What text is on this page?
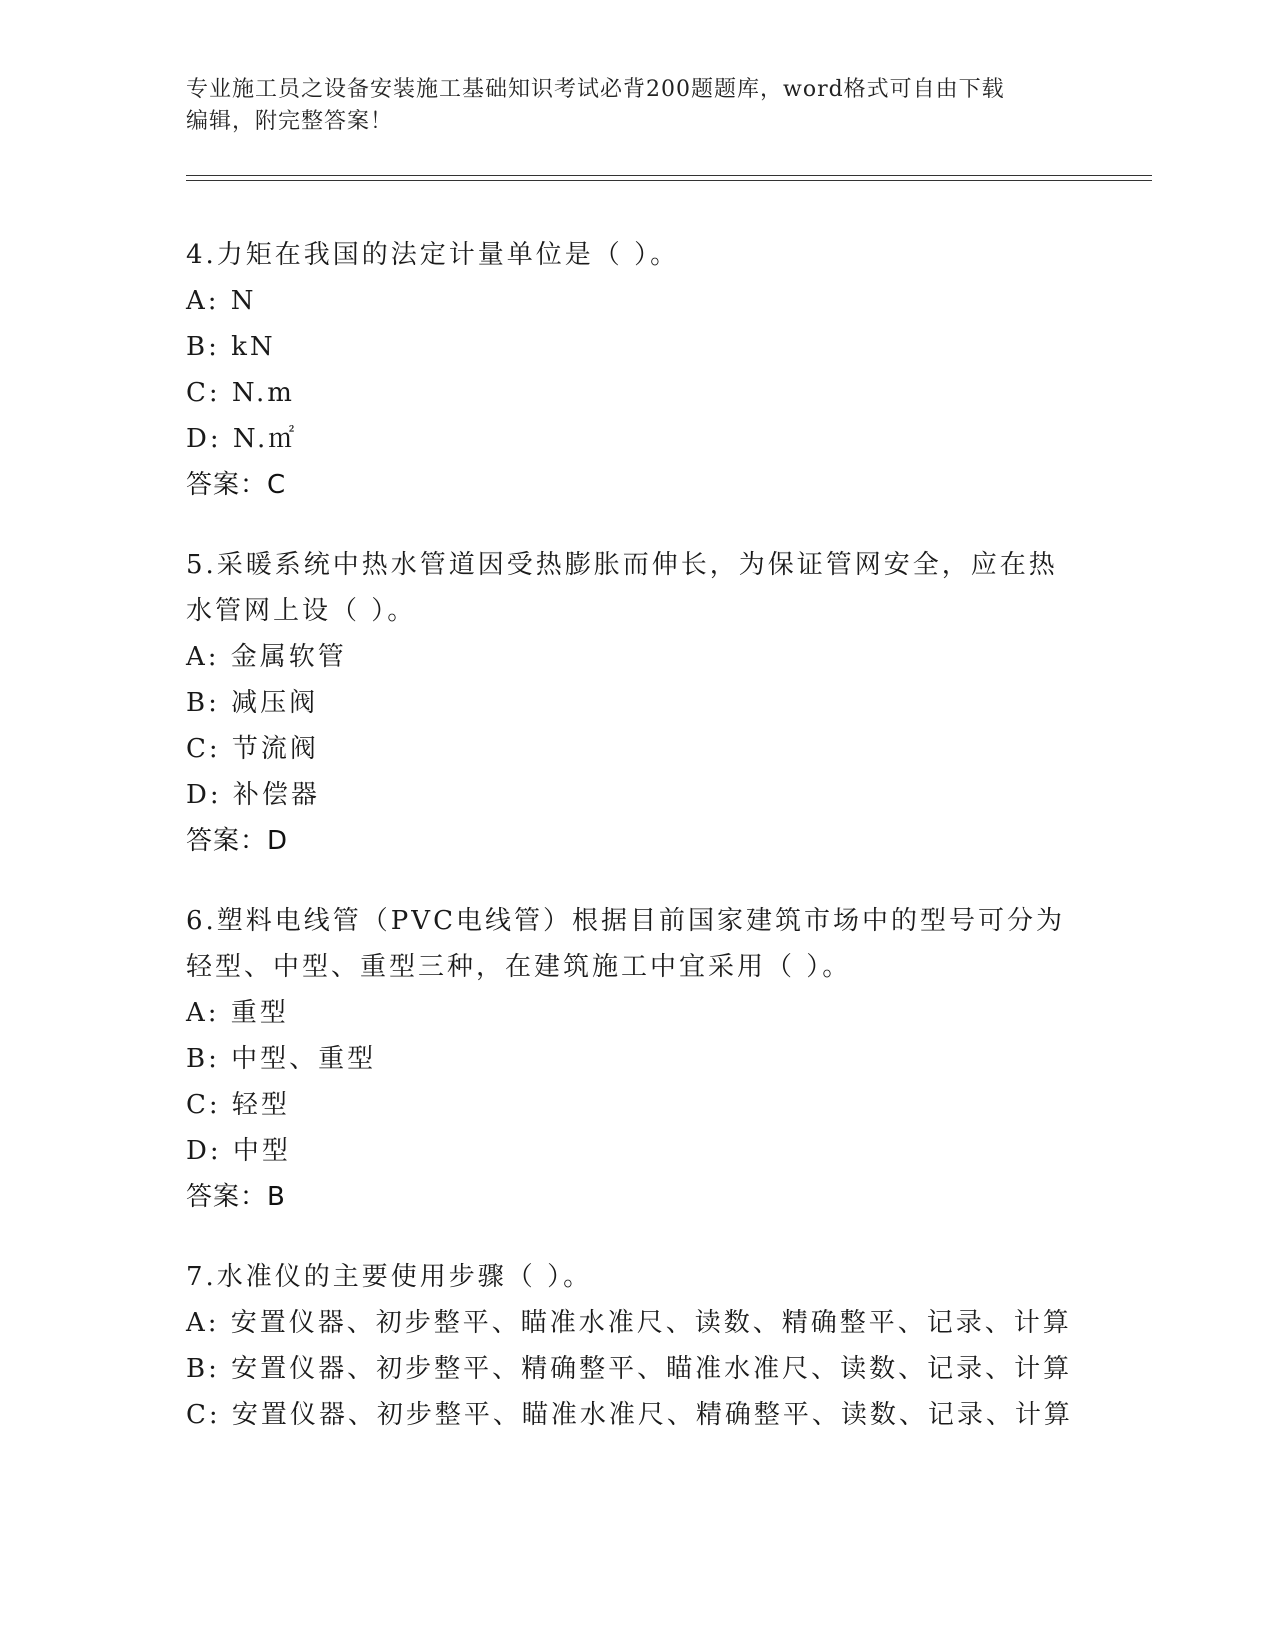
专业施工员之设备安装施工基础知识考试必背200题题库，word格式可自由下载
编辑，附完整答案！

4.力矩在我国的法定计量单位是（ ）。

A: N

B: kN

C: N.m

D: N.㎡

答案：C

5.采暖系统中热水管道因受热膨胀而伸长，为保证管网安全，应在热水管网上设（ ）。

A: 金属软管

B: 减压阀

C: 节流阀

D: 补偿器

答案：D

6.塑料电线管（PVC电线管）根据目前国家建筑市场中的型号可分为轻型、中型、重型三种，在建筑施工中宜采用（ ）。

A: 重型

B: 中型、重型

C: 轻型

D: 中型

答案：B

7.水准仪的主要使用步骤（ ）。

A: 安置仪器、初步整平、瞄准水准尺、读数、精确整平、记录、计算

B: 安置仪器、初步整平、精确整平、瞄准水准尺、读数、记录、计算

C: 安置仪器、初步整平、瞄准水准尺、精确整平、读数、记录、计算
